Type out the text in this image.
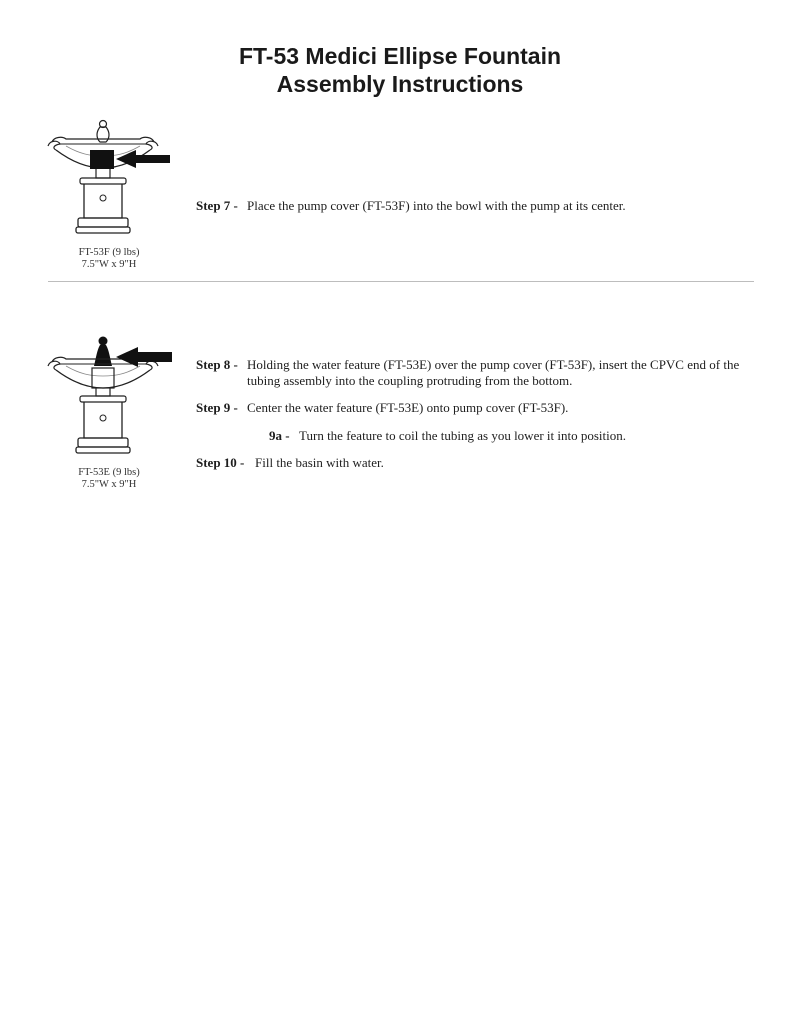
FT-53 Medici Ellipse Fountain
Assembly Instructions
FT-53F (9 lbs)
7.5"W x 9"H
Step 7 - Place the pump cover (FT-53F) into the bowl with the pump at its center.
FT-53E (9 lbs)
7.5"W x 9"H
Step 8 - Holding the water feature (FT-53E) over the pump cover (FT-53F), insert the CPVC end of the tubing assembly into the coupling protruding from the bottom.
Step 9 - Center the water feature (FT-53E) onto pump cover (FT-53F).
9a - Turn the feature to coil the tubing as you lower it into position.
Step 10 - Fill the basin with water.
